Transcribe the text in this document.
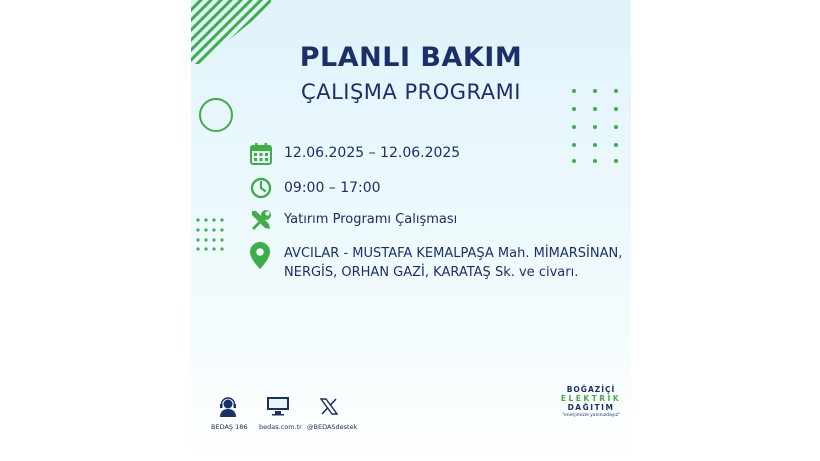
PLANLI BAKIM
ÇALIŞMA PROGRAMI
12.06.2025 – 12.06.2025
09:00 – 17:00
Yatırım Programı Çalışması
AVCILAR - MUSTAFA KEMALPAŞA Mah. MİMARSİNAN,
NERGİS, ORHAN GAZİ, KARATAŞ Sk. ve civarı.
BEDAŞ 186 bedas.com.tr @BEDASdestek
BOĞAZİÇİ
ELEKTRİK
DAĞITIM
"enerjimizle yanınızdayız"
